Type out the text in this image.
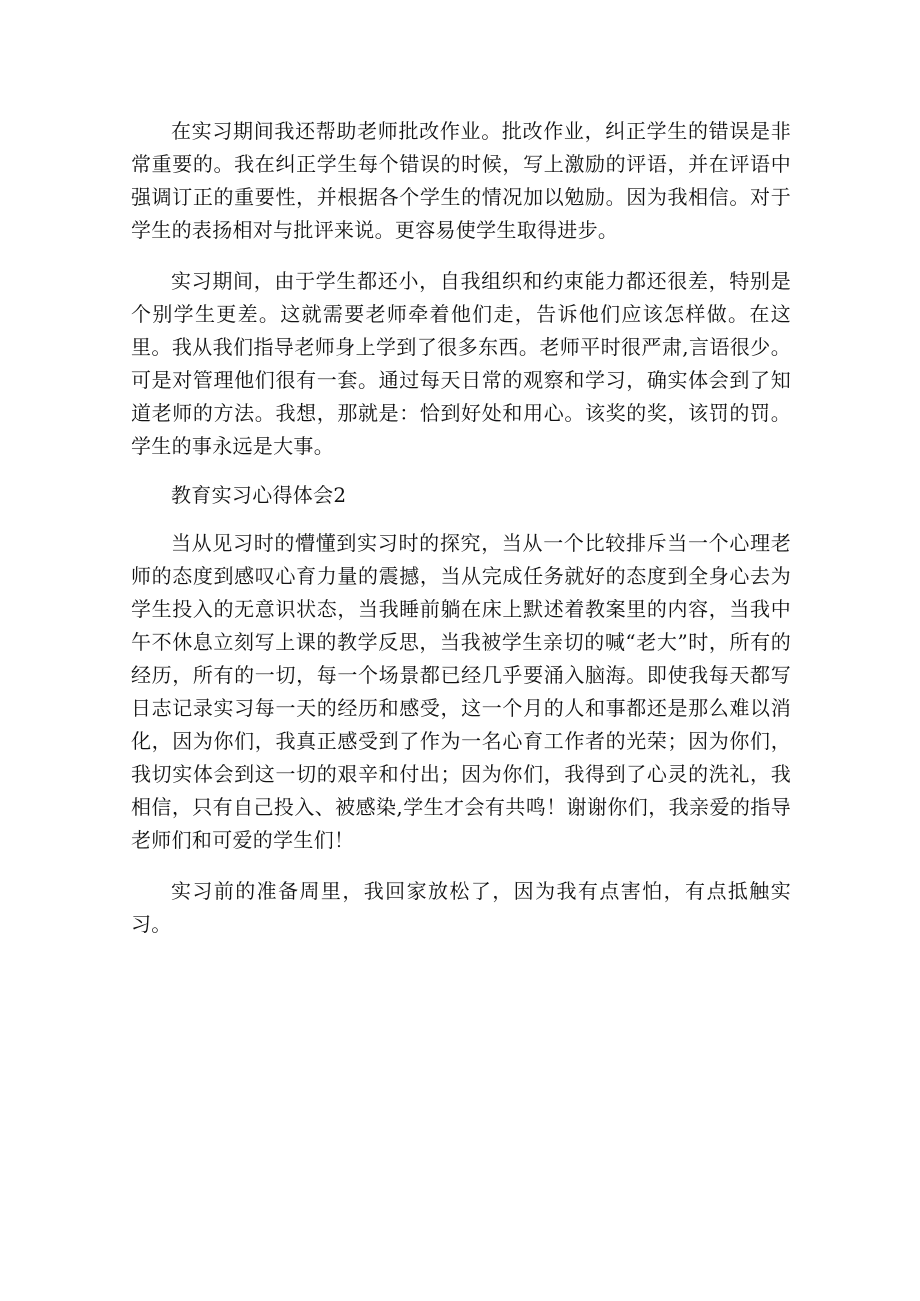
在实习期间我还帮助老师批改作业。批改作业，纠正学生的错误是非常重要的。我在纠正学生每个错误的时候，写上激励的评语，并在评语中强调订正的重要性，并根据各个学生的情况加以勉励。因为我相信。对于学生的表扬相对与批评来说。更容易使学生取得进步。

实习期间，由于学生都还小，自我组织和约束能力都还很差，特别是个别学生更差。这就需要老师牵着他们走，告诉他们应该怎样做。在这里。我从我们指导老师身上学到了很多东西。老师平时很严肃,言语很少。可是对管理他们很有一套。通过每天日常的观察和学习，确实体会到了知道老师的方法。我想，那就是：恰到好处和用心。该奖的奖，该罚的罚。学生的事永远是大事。

教育实习心得体会2

当从见习时的懵懂到实习时的探究，当从一个比较排斥当一个心理老师的态度到感叹心育力量的震撼，当从完成任务就好的态度到全身心去为学生投入的无意识状态，当我睡前躺在床上默述着教案里的内容，当我中午不休息立刻写上课的教学反思，当我被学生亲切的喊“老大”时，所有的经历，所有的一切，每一个场景都已经几乎要涌入脑海。即使我每天都写日志记录实习每一天的经历和感受，这一个月的人和事都还是那么难以消化，因为你们，我真正感受到了作为一名心育工作者的光荣；因为你们，我切实体会到这一切的艰辛和付出；因为你们，我得到了心灵的洗礼，我相信，只有自己投入、被感染,学生才会有共鸣！谢谢你们，我亲爱的指导老师们和可爱的学生们！

实习前的准备周里，我回家放松了，因为我有点害怕，有点抵触实习。
